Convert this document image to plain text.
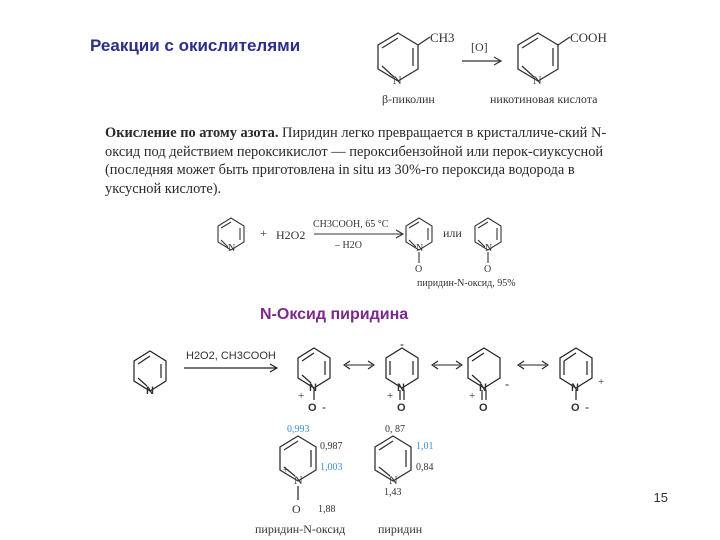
Реакции с окислителями
N
CH3
[O]
N
COOH
β-пиколин	никотиновая кислота
Окисление по атому азота. Пиридин легко превращается в кристалличе-ский N-оксид под действием пероксикислот — пероксибензойной или перок-сиуксусной (последняя может быть приготовлена in situ из 30%-го пероксида водорода в уксусной кислоте).
N
+ H2O2
CH3COOH, 65 °C
– H2O	N
O
или
N
O
пиридин-N-оксид, 95%
N-Оксид пиридина
N
H2O2, CH3COOH
N
+
O -
-
N
+
O
N -
+
O
N +
O -
+
N
O
0,993
0,987
1,003
1,88
N
0, 87
1,01
0,84
1,43
пиридин-N-оксид	пиридин
15
